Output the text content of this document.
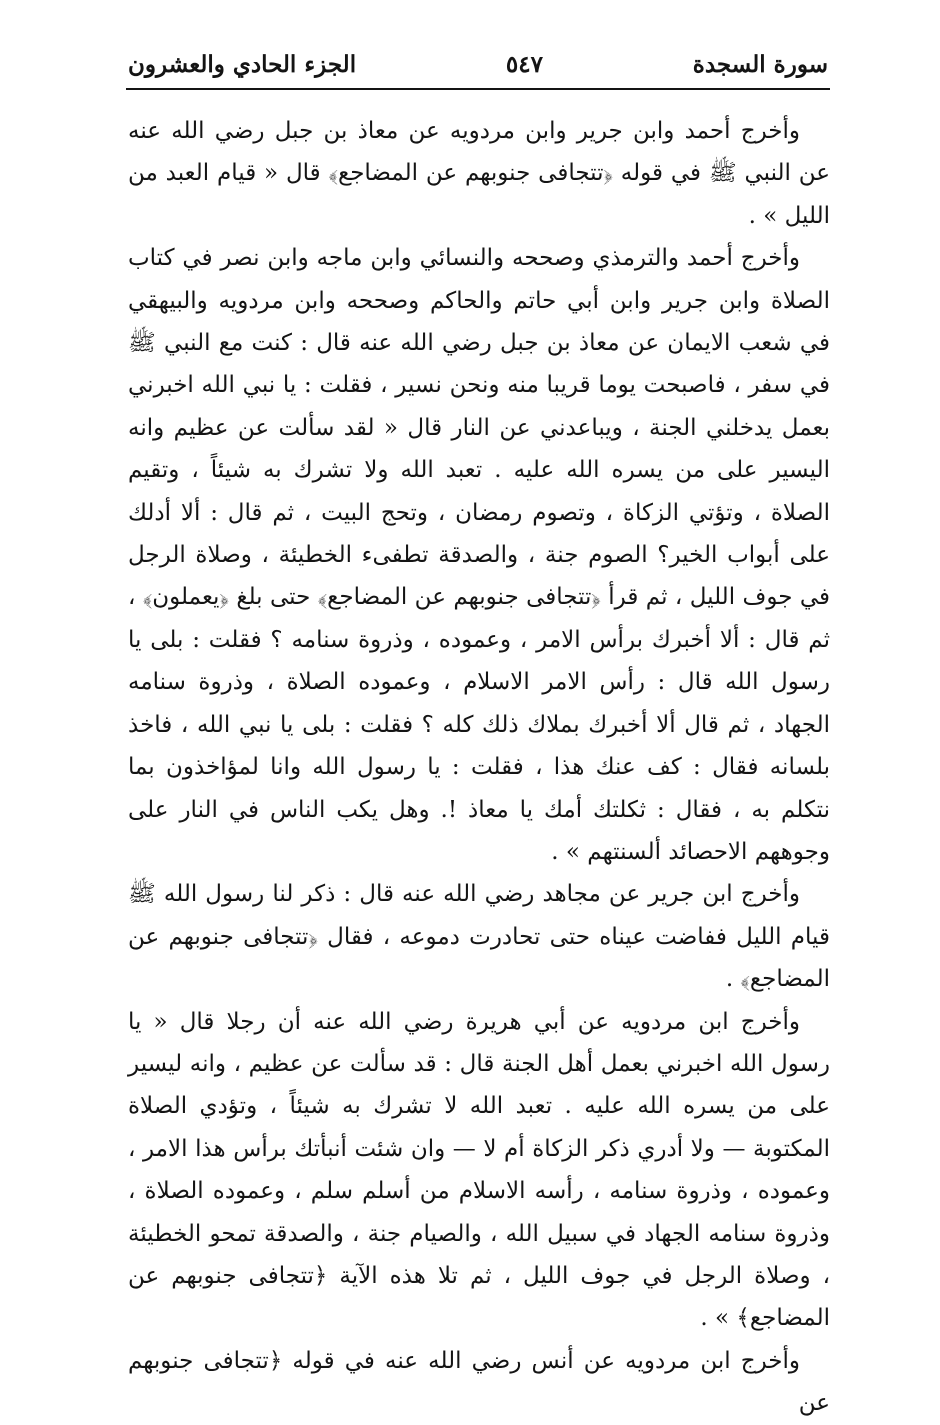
الجزء الحادي والعشرون	٥٤٧	سورة السجدة

وأخرج أحمد وابن جرير وابن مردويه عن معاذ بن جبل رضي الله عنه عن النبي ﷺ في قوله ﴿تتجافى جنوبهم عن المضاجع﴾ قال « قيام العبد من الليل » .

وأخرج أحمد والترمذي وصححه والنسائي وابن ماجه وابن نصر في كتاب الصلاة وابن جرير وابن أبي حاتم والحاكم وصححه وابن مردويه والبيهقي في شعب الايمان عن معاذ بن جبل رضي الله عنه قال : كنت مع النبي ﷺ في سفر ، فاصبحت يوما قريبا منه ونحن نسير ، فقلت : يا نبي الله اخبرني بعمل يدخلني الجنة ، ويباعدني عن النار قال « لقد سألت عن عظيم وانه اليسير على من يسره الله عليه . تعبد الله ولا تشرك به شيئاً ، وتقيم الصلاة ، وتؤتي الزكاة ، وتصوم رمضان ، وتحج البيت ، ثم قال : ألا أدلك على أبواب الخير؟ الصوم جنة ، والصدقة تطفىء الخطيئة ، وصلاة الرجل في جوف الليل ، ثم قرأ ﴿تتجافى جنوبهم عن المضاجع﴾ حتى بلغ ﴿يعملون﴾ ، ثم قال : ألا أخبرك برأس الامر ، وعموده ، وذروة سنامه ؟ فقلت : بلى يا رسول الله قال : رأس الامر الاسلام ، وعموده الصلاة ، وذروة سنامه الجهاد ، ثم قال ألا أخبرك بملاك ذلك كله ؟ فقلت : بلى يا نبي الله ، فاخذ بلسانه فقال : كف عنك هذا ، فقلت : يا رسول الله وانا لمؤاخذون بما نتكلم به ، فقال : ثكلتك أمك يا معاذ !. وهل يكب الناس في النار على وجوههم الاحصائد ألسنتهم » .

وأخرج ابن جرير عن مجاهد رضي الله عنه قال : ذكر لنا رسول الله ﷺ قيام الليل ففاضت عيناه حتى تحادرت دموعه ، فقال ﴿تتجافى جنوبهم عن المضاجع﴾ .

وأخرج ابن مردويه عن أبي هريرة رضي الله عنه أن رجلا قال « يا رسول الله اخبرني بعمل أهل الجنة قال : قد سألت عن عظيم ، وانه ليسير على من يسره الله عليه . تعبد الله لا تشرك به شيئاً ، وتؤدي الصلاة المكتوبة — ولا أدري ذكر الزكاة أم لا — وان شئت أنبأتك برأس هذا الامر ، وعموده ، وذروة سنامه ، رأسه الاسلام من أسلم سلم ، وعموده الصلاة ، وذروة سنامه الجهاد في سبيل الله ، والصيام جنة ، والصدقة تمحو الخطيئة ، وصلاة الرجل في جوف الليل ، ثم تلا هذه الآية ﴿تتجافى جنوبهم عن المضاجع﴾ » .

وأخرج ابن مردويه عن أنس رضي الله عنه في قوله ﴿تتجافى جنوبهم عن
